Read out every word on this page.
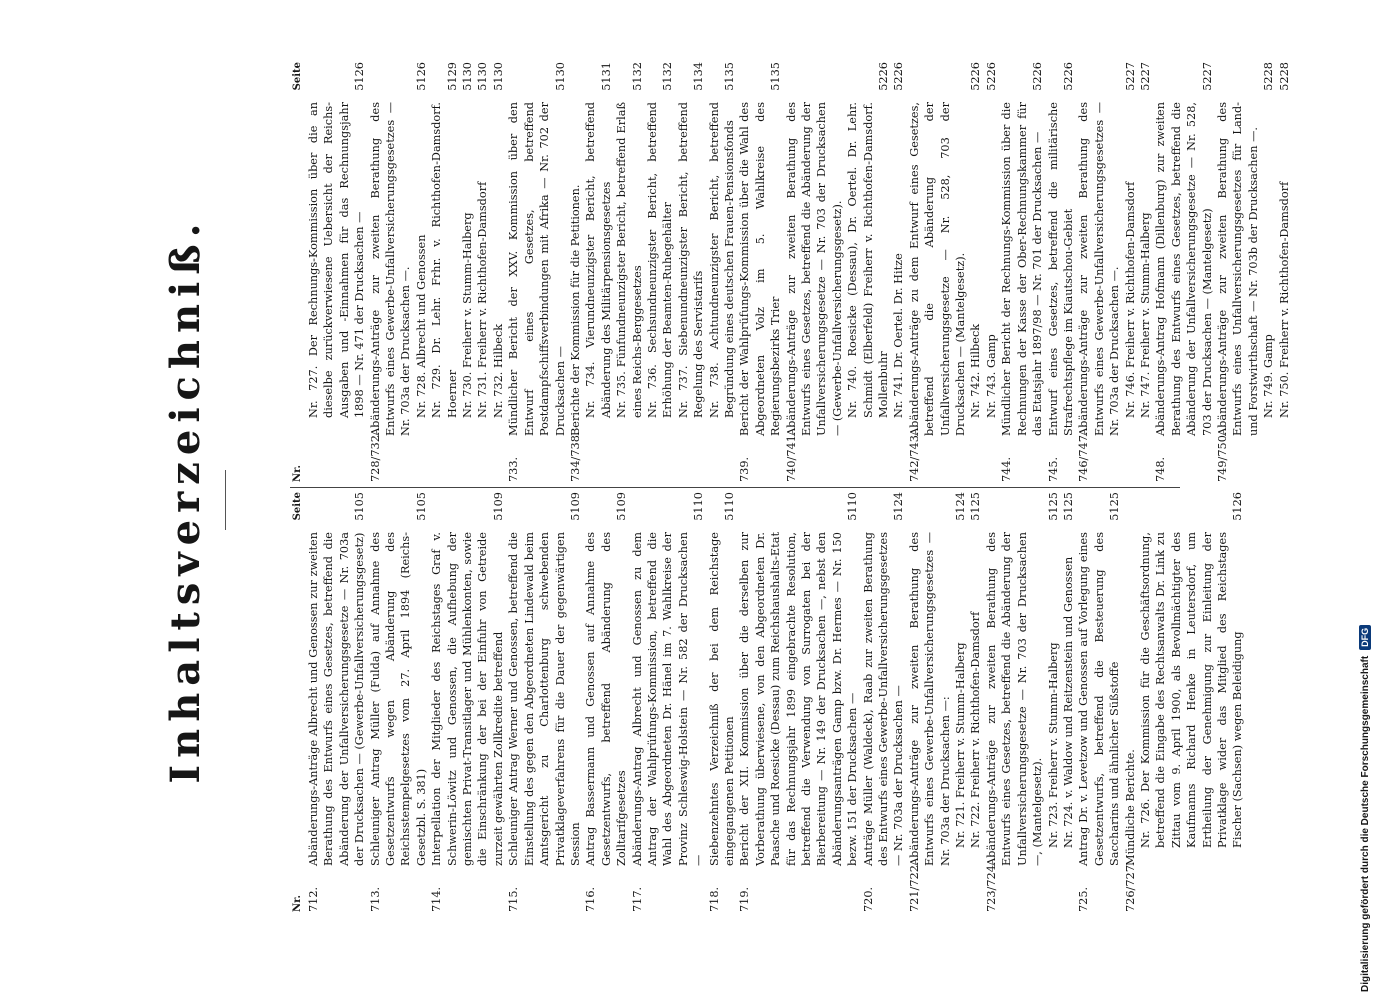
Inhaltsverzeichniß.
Nr.
Seite
712.
Abänderungs-Anträge Albrecht und Genossen zur zweiten Berathung des Entwurfs eines Gesetzes, betreffend die Abänderung der Unfallversicherungsgesetze — Nr. 703a der Drucksachen — (Gewerbe-Unfallversicherungsgesetz)
5105
713.
Schleuniger Antrag Müller (Fulda) auf Annahme des Gesetzentwurfs wegen Abänderung des Reichsstempelgesetzes vom 27. April 1894 (Reichs-Gesetzbl. S. 381)
5105
714.
Interpellation der Mitglieder des Reichstages Graf v. Schwerin-Löwitz und Genossen, die Aufhebung der gemischten Privat-Transitlager und Mühlenkonten, sowie die Einschränkung der bei der Einfuhr von Getreide zurzeit gewährten Zollkredite betreffend
5109
715.
Schleuniger Antrag Werner und Genossen, betreffend die Einstellung des gegen den Abgeordneten Lindewald beim Amtsgericht zu Charlottenburg schwebenden Privatklageverfahrens für die Dauer der gegenwärtigen Session
5109
716.
Antrag Bassermann und Genossen auf Annahme des Gesetzentwurfs, betreffend Abänderung des Zolltarifgesetzes
5109
717.
Abänderungs-Antrag Albrecht und Genossen zu dem Antrag der Wahlprüfungs-Kommission, betreffend die Wahl des Abgeordneten Dr. Hänel im 7. Wahlkreise der Provinz Schleswig-Holstein — Nr. 582 der Drucksachen —
5110
718.
Siebenzehntes Verzeichniß der bei dem Reichstage eingegangenen Petitionen
5110
719.
Bericht der XII. Kommission über die derselben zur Vorberathung überwiesene, von den Abgeordneten Dr. Paasche und Roesicke (Dessau) zum Reichshaushalts-Etat für das Rechnungsjahr 1899 eingebrachte Resolution, betreffend die Verwendung von Surrogaten bei der Bierbereitung — Nr. 149 der Drucksachen —, nebst den Abänderungsanträgen Gamp bzw. Dr. Hermes — Nr. 150 bezw. 151 der Drucksachen —
5110
720.
Anträge Müller (Waldeck), Raab zur zweiten Berathung des Entwurfs eines Gewerbe-Unfallversicherungsgesetzes — Nr. 703a der Drucksachen —
5124
721/722.
Abänderungs-Anträge zur zweiten Berathung des Entwurfs eines Gewerbe-Unfallversicherungsgesetzes — Nr. 703a der Drucksachen —: Nr. 721. Freiherr v. Stumm-Halberg
5124
Nr. 722. Freiherr v. Richthofen-Damsdorf
5125
723/724.
Abänderungs-Anträge zur zweiten Berathung des Entwurfs eines Gesetzes, betreffend die Abänderung der Unfallversicherungsgesetze — Nr. 703 der Drucksachen —, (Mantelgesetz). Nr. 723. Freiherr v. Stumm-Halberg
5125
Nr. 724. v. Waldow und Reitzenstein und Genossen
5125
725.
Antrag Dr. v. Levetzow und Genossen auf Vorlegung eines Gesetzentwurfs, betreffend die Besteuerung des Saccharins und ähnlicher Süßstoffe
5125
726/727.
Mündliche Berichte. Nr. 726. Der Kommission für die Geschäftsordnung, betreffend die Eingabe des Rechtsanwalts Dr. Link zu Zittau vom 9. April 1900, als Bevollmächtigter des Kaufmanns Richard Henke in Leutersdorf, um Ertheilung der Genehmigung zur Einleitung der Privatklage wider das Mitglied des Reichstages Fischer (Sachsen) wegen Beleidigung
5126
Nr.
Seite
Nr. 727. Der Rechnungs-Kommission über die an dieselbe zurückverwiesene Uebersicht der Reichs-Ausgaben und -Einnahmen für das Rechnungsjahr 1898 — Nr. 471 der Drucksachen —
5126
728/732.
Abänderungs-Anträge zur zweiten Berathung des Entwurfs eines Gewerbe-Unfallversicherungsgesetzes — Nr. 703a der Drucksachen —. Nr. 728. Albrecht und Genossen
5126
Nr. 729. Dr. Lehr. Frhr. v. Richthofen-Damsdorf. Hoerner
5129
Nr. 730. Freiherr v. Stumm-Halberg
5130
Nr. 731. Freiherr v. Richthofen-Damsdorf
5130
Nr. 732. Hilbeck
5130
733.
Mündlicher Bericht der XXV. Kommission über den Entwurf eines Gesetzes, betreffend Postdampfschiffsverbindungen mit Afrika — Nr. 702 der Drucksachen —
5130
734/738.
Berichte der Kommission für die Petitionen. Nr. 734. Vierundneunzigster Bericht, betreffend Abänderung des Militärpensionsgesetzes
5131
Nr. 735. Fünfundneunzigster Bericht, betreffend Erlaß eines Reichs-Berggesetzes
5132
Nr. 736. Sechsundneunzigster Bericht, betreffend Erhöhung der Beamten-Ruhegehälter
5132
Nr. 737. Siebenundneunzigster Bericht, betreffend Regelung des Servistarifs
5134
Nr. 738. Achtundneunzigster Bericht, betreffend Begründung eines deutschen Frauen-Pensionsfonds
5135
739.
Bericht der Wahlprüfungs-Kommission über die Wahl des Abgeordneten Volz im 5. Wahlkreise des Regierungsbezirks Trier
5135
740/741.
Abänderungs-Anträge zur zweiten Berathung des Entwurfs eines Gesetzes, betreffend die Abänderung der Unfallversicherungsgesetze — Nr. 703 der Drucksachen — (Gewerbe-Unfallversicherungsgesetz). Nr. 740. Roesicke (Dessau), Dr. Oertel. Dr. Lehr. Schmidt (Elberfeld) Freiherr v. Richthofen-Damsdorf. Mollenbuhr
5226
Nr. 741. Dr. Oertel. Dr. Hitze
5226
742/743.
Abänderungs-Anträge zu dem Entwurf eines Gesetzes, betreffend die Abänderung der Unfallversicherungsgesetze — Nr. 528, 703 der Drucksachen — (Mantelgesetz). Nr. 742. Hilbeck
5226
Nr. 743. Gamp
5226
744.
Mündlicher Bericht der Rechnungs-Kommission über die Rechnungen der Kasse der Ober-Rechnungskammer für das Etatsjahr 1897/98 — Nr. 701 der Drucksachen —
5226
745.
Entwurf eines Gesetzes, betreffend die militärische Strafrechtspflege im Kiautschou-Gebiet
5226
746/747.
Abänderungs-Anträge zur zweiten Berathung des Entwurfs eines Gewerbe-Unfallversicherungsgesetzes — Nr. 703a der Drucksachen —. Nr. 746. Freiherr v. Richthofen-Damsdorf
5227
Nr. 747. Freiherr v. Stumm-Halberg
5227
748.
Abänderungs-Antrag Hofmann (Dillenburg) zur zweiten Berathung des Entwurfs eines Gesetzes, betreffend die Abänderung der Unfallversicherungsgesetze — Nr. 528, 703 der Drucksachen — (Mantelgesetz)
5227
749/750.
Abänderungs-Anträge zur zweiten Berathung des Entwurfs eines Unfallversicherungsgesetzes für Land- und Forstwirthschaft — Nr. 703b der Drucksachen —. Nr. 749. Gamp
5228
Nr. 750. Freiherr v. Richthofen-Damsdorf
5228
Digitalisierung gefördert durch die Deutsche Forschungsgemeinschaft
DFG
